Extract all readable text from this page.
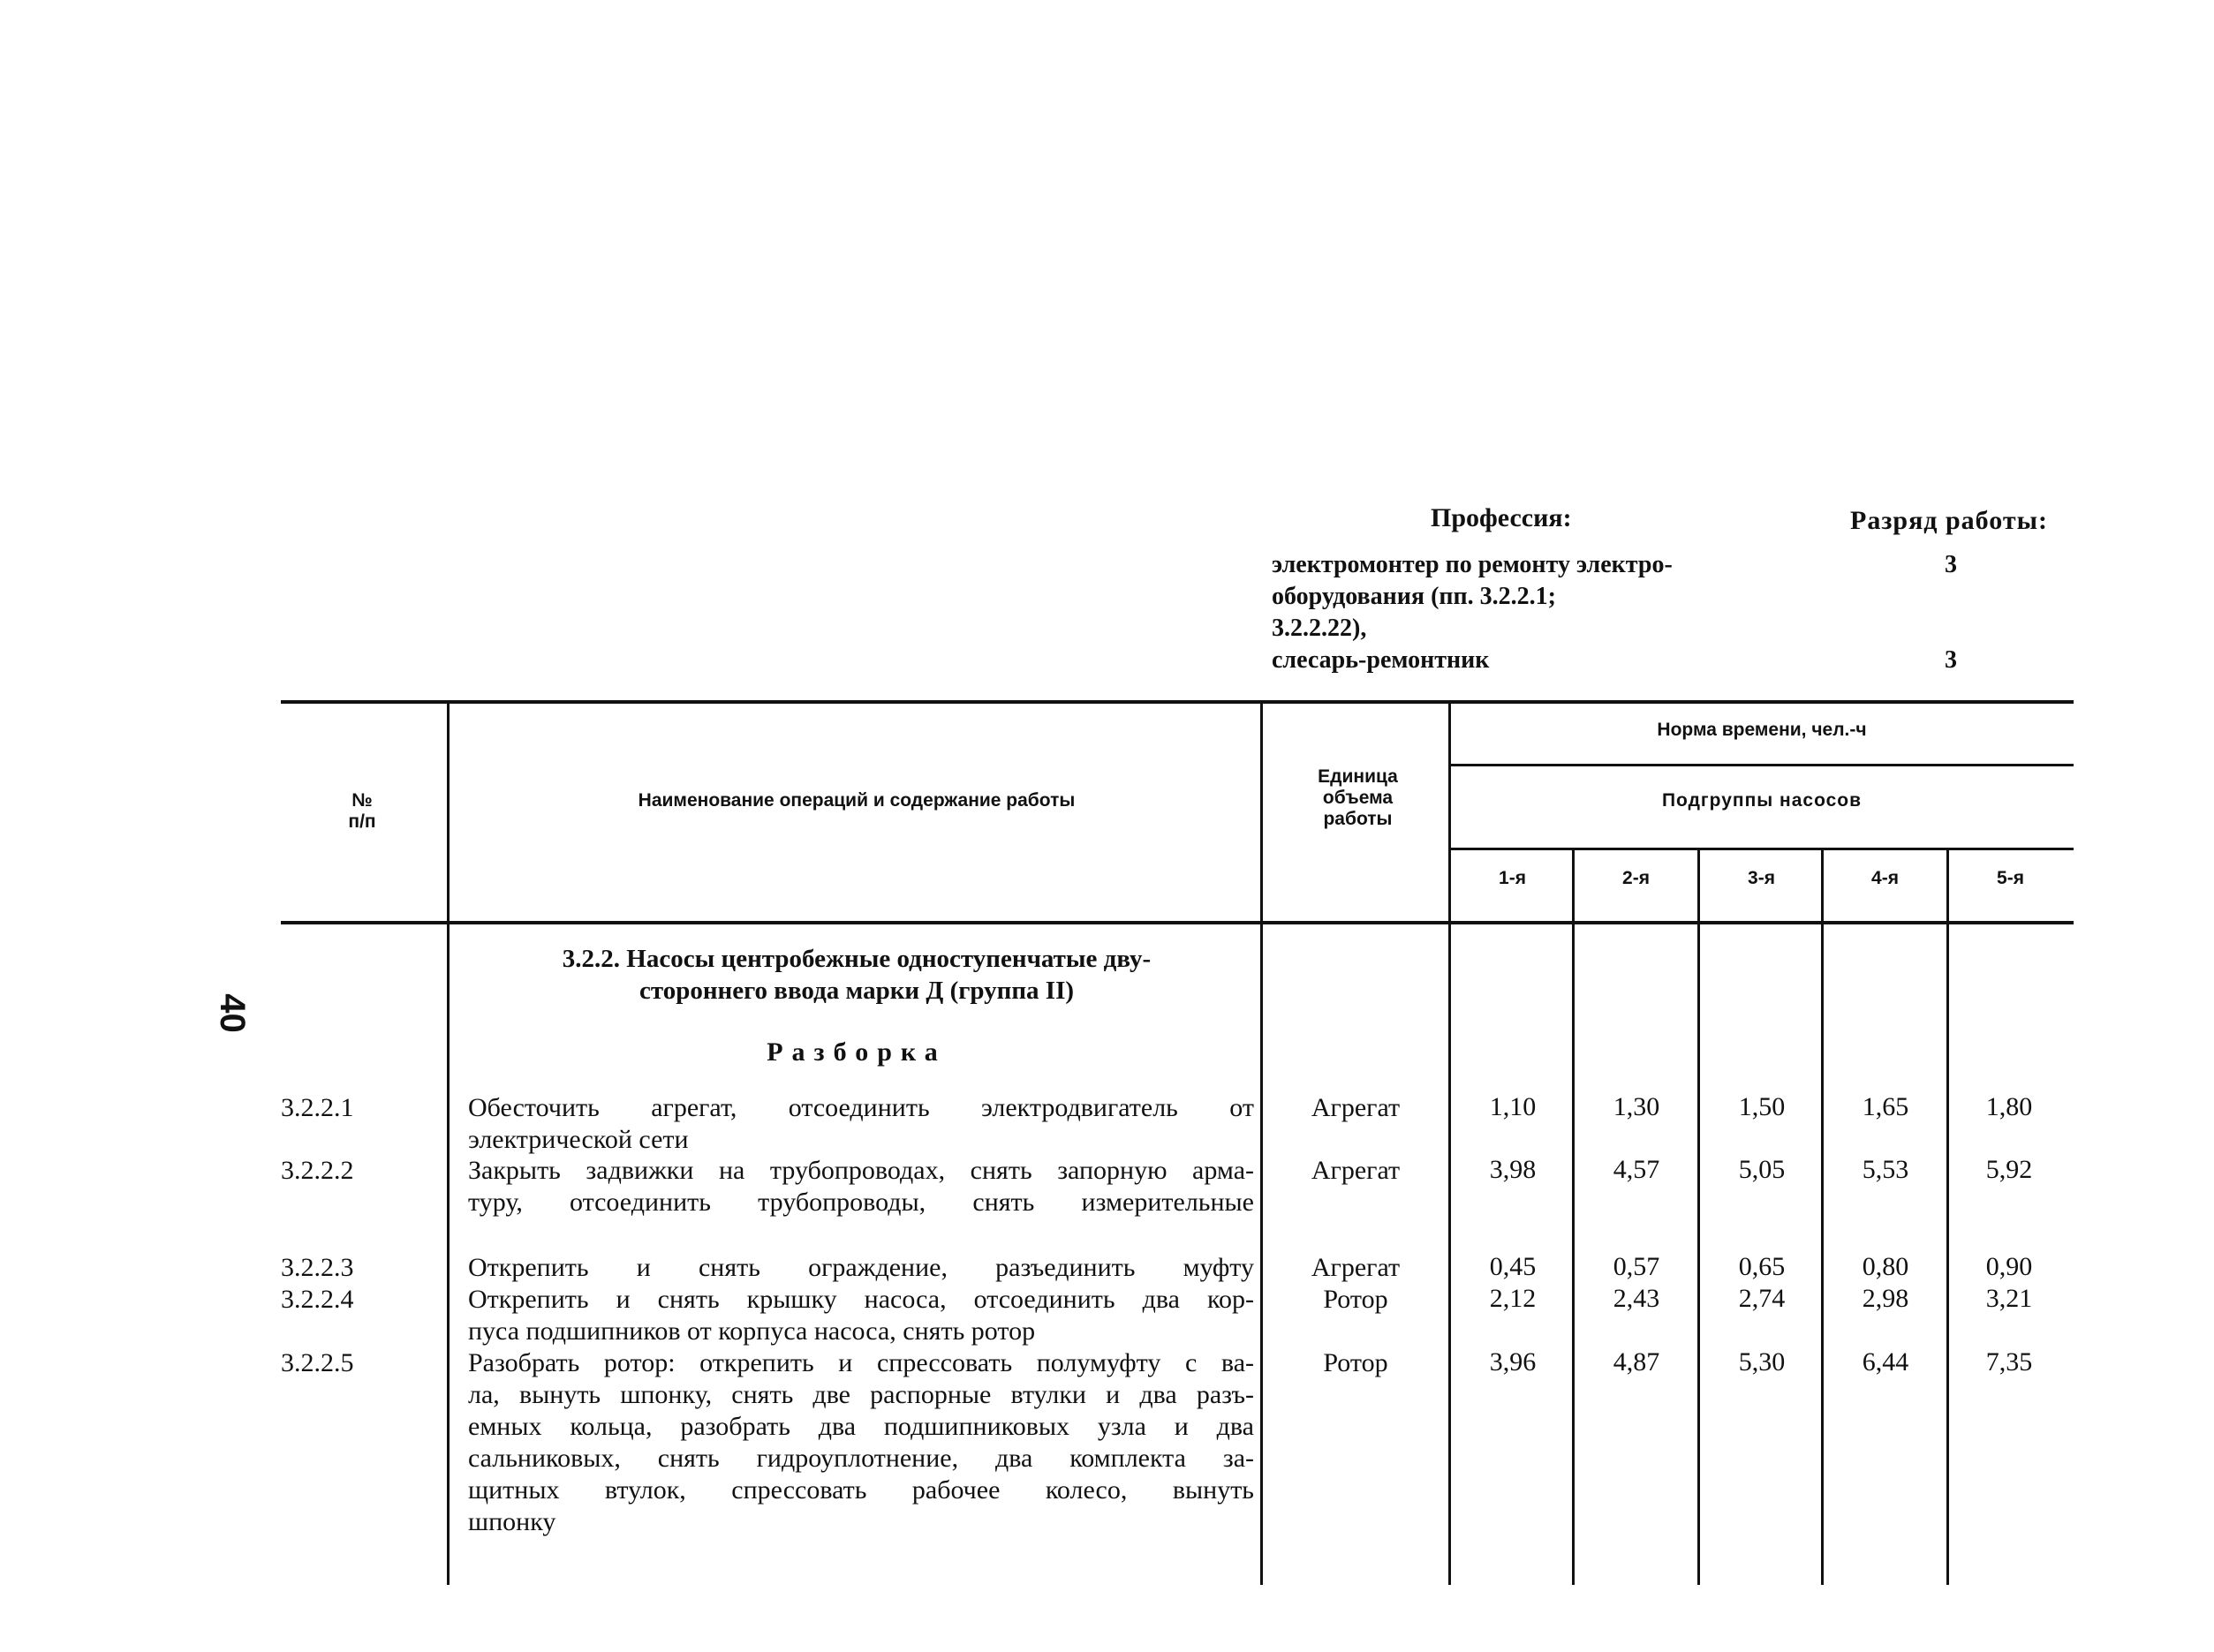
Профессия:	Разряд работы:
электромонтер по ремонту электро-
оборудования (пп. 3.2.2.1;
3.2.2.22),
3
слесарь-ремонтник	3
40
№
п/п
Наименование операций и содержание работы
Единица
объема
работы
Норма времени, чел.-ч
Подгруппы насосов
1-я	2-я	3-я	4-я	5-я
3.2.2. Насосы центробежные одноступенчатые дву-
стороннего ввода марки Д (группа II)
Разборка
3.2.2.1	Обесточить агрегат, отсоединить электродвигатель от
электрической сети
Агрегат	1,10	1,30	1,50	1,65	1,80
3.2.2.2	Закрыть задвижки на трубопроводах, снять запорную арма-
туру, отсоединить трубопроводы, снять измерительные
Агрегат	3,98	4,57	5,05	5,53	5,92
3.2.2.3	Открепить и снять ограждение, разъединить муфту	Агрегат	0,45	0,57	0,65	0,80	0,90
3.2.2.4	Открепить и снять крышку насоса, отсоединить два кор-
пуса подшипников от корпуса насоса, снять ротор
Ротор	2,12	2,43	2,74	2,98	3,21
3.2.2.5	Разобрать ротор: открепить и спрессовать полумуфту с ва-
ла, вынуть шпонку, снять две распорные втулки и два разъ-
емных кольца, разобрать два подшипниковых узла и два
сальниковых, снять гидроуплотнение, два комплекта за-
щитных втулок, спрессовать рабочее колесо, вынуть
шпонку
Ротор	3,96	4,87	5,30	6,44	7,35
